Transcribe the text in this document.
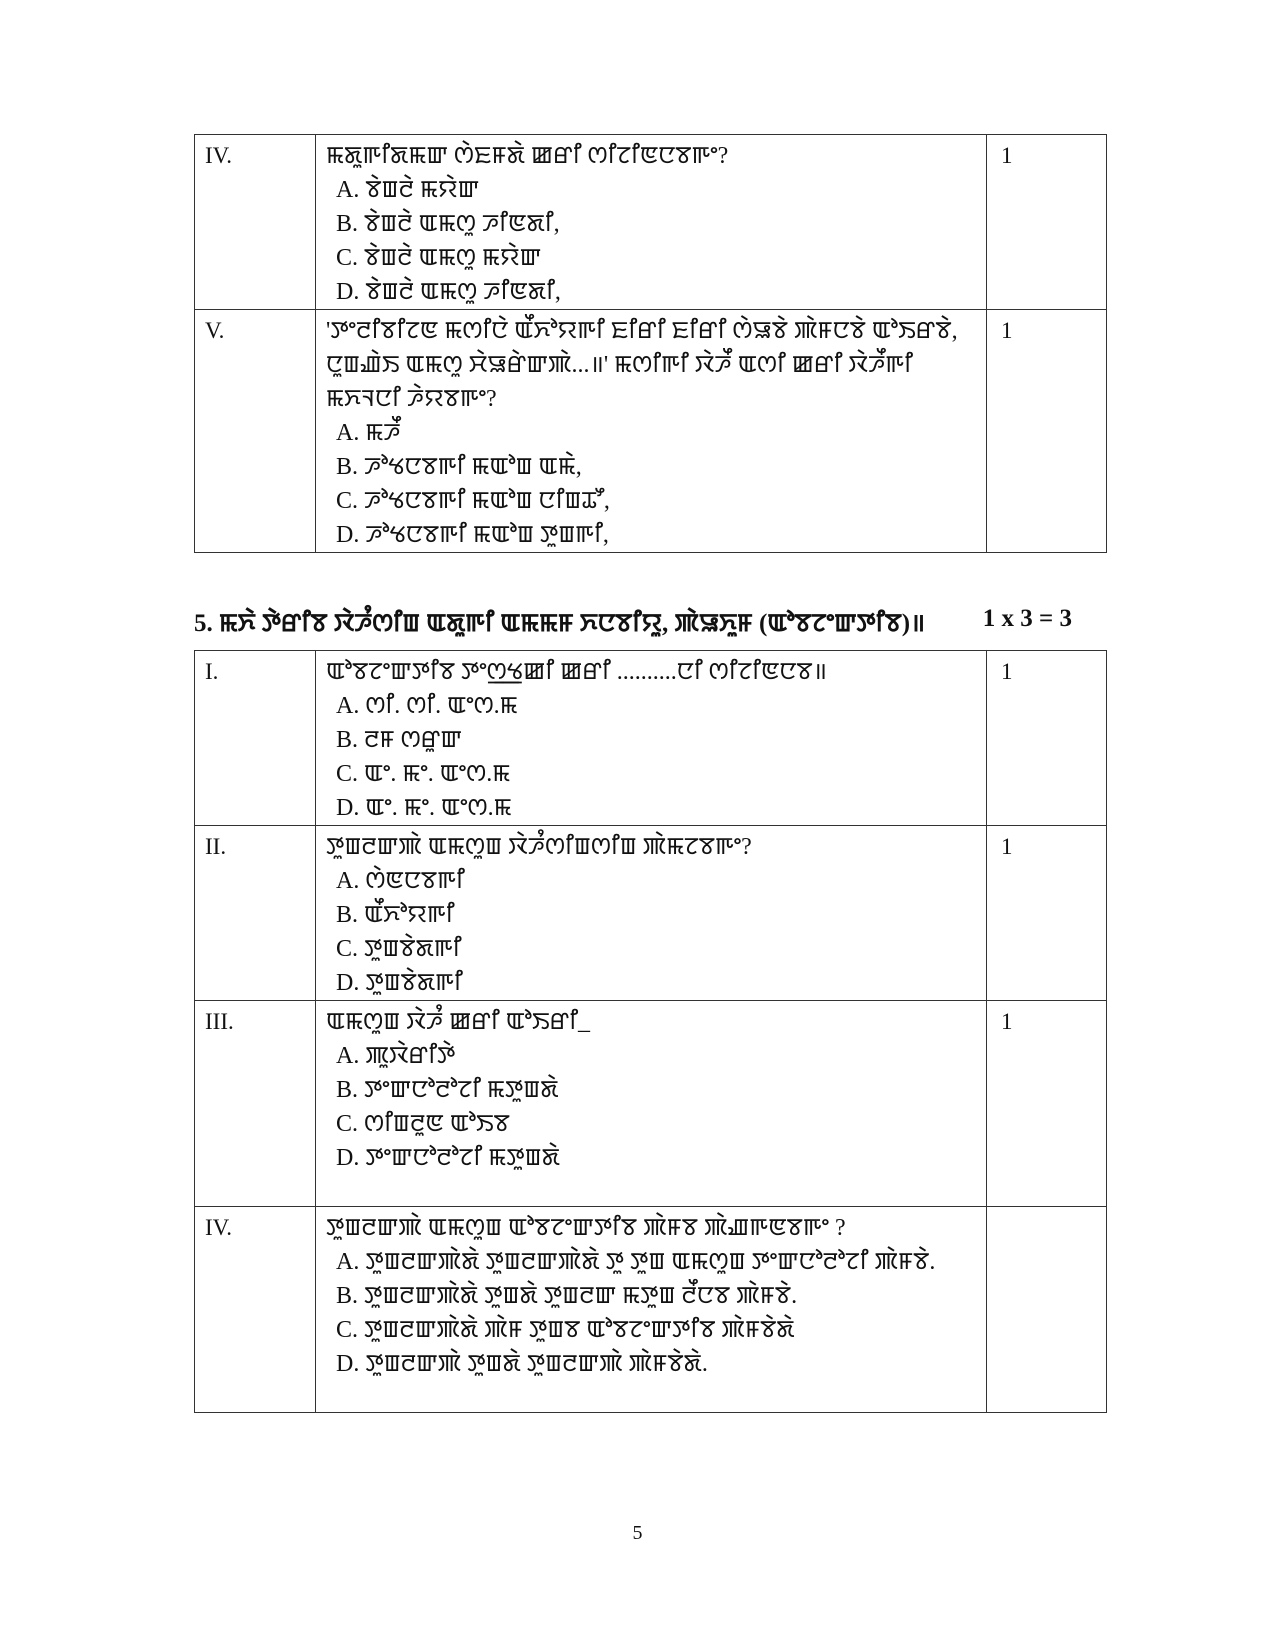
IV.	ꯃꯗꯨꯒꯤꯗꯃꯛ ꯁꯥꯐꯝꯗꯥ ꯀꯔꯤ ꯁꯤꯖꯤꯟꯅꯕꯒꯦ?
A. ꯕꯥꯡꯂꯥ ꯃꯌꯥꯛ
B. ꯕꯥꯡꯂꯥ ꯑꯃꯁꯨ ꯍꯤꯟꯗꯤ,
C. ꯕꯥꯡꯂꯥ ꯑꯃꯁꯨ ꯃꯌꯥꯛ
D. ꯕꯥꯡꯂꯥ ꯑꯃꯁꯨ ꯍꯤꯟꯗꯤ,	1
V.	'ꯇꯦꯂꯤꯕꯤꯖꯟ ꯃꯁꯤꯅꯥ ꯑꯩꯈꯣꯌꯒꯤ ꯐꯤꯔꯤ ꯐꯤꯔꯤ ꯁꯥꯎꯕꯥ ꯄꯥꯝꯅꯕꯥ ꯑꯣꯏꯔꯕꯥ, ꯅꯨꯡꯉꯥꯏ ꯑꯃꯁꯨ ꯆꯥꯎꯔꯥꯛꯄꯥ...॥' ꯃꯁꯤꯒꯤ ꯋꯥꯍꯩ ꯑꯁꯤ ꯀꯔꯤ ꯋꯥꯍꯩꯒꯤ ꯃꯈꯜꯅꯤ ꯍꯥꯌꯕꯒꯦ?
A. ꯃꯍꯩ
B. ꯍꯣꯠꯅꯕꯒꯤ ꯃꯑꯣꯡ ꯑꯃꯥ,
C. ꯍꯣꯠꯅꯕꯒꯤ ꯃꯑꯣꯡ ꯅꯤꯡꯊꯧ,
D. ꯍꯣꯠꯅꯕꯒꯤ ꯃꯑꯣꯡ ꯇꯨꯡꯒꯤ,	1
5. ꯃꯈꯥ ꯇꯥꯔꯤꯕ ꯋꯥꯍꯪꯁꯤꯡ ꯑꯗꯨꯒꯤ ꯑꯃꯃꯝ ꯈꯅꯕꯤꯌꯨ, ꯄꯥꯎꯈꯨꯝ (ꯑꯣꯕꯖꯦꯛꯇꯤꯕ)॥ 1 x 3 = 3
I.	ꯑꯣꯕꯖꯦꯛꯇꯤꯕ ꯇꯦꯁ꯭ꯠꯀꯤ ꯀꯔꯤ ..........ꯅꯤ ꯁꯤꯖꯤꯟꯅꯕ॥
A. ꯁꯤ. ꯁꯤ. ꯑꯦꯁ.ꯃ
B. ꯂꯝ ꯁꯔꯨꯛ
C. ꯑꯦ. ꯃꯦ. ꯑꯦꯁ.ꯃ
D. ꯑꯦ. ꯃꯦ. ꯑꯦꯁ.ꯃ	1
II.	ꯇꯨꯡꯂꯛꯄꯥ ꯑꯃꯁꯨꯡ ꯋꯥꯍꯪꯁꯤꯡꯁꯤꯡ ꯄꯥꯃꯖꯕꯒꯦ?
A. ꯁꯥꯟꯅꯕꯒꯤ
B. ꯑꯩꯈꯣꯌꯒꯤ
C. ꯇꯨꯡꯕꯥꯗꯒꯤ
D. ꯇꯨꯡꯕꯥꯗꯒꯤ	1
III.	ꯑꯃꯁꯨꯡ ꯋꯥꯍꯪ ꯀꯔꯤ ꯑꯣꯏꯔꯤ_
A. ꯄꯨꯋꯥꯔꯤꯇꯥ
B. ꯇꯦꯛꯅꯣꯂꯣꯖꯤ ꯃꯇꯨꯡꯗꯥ
C. ꯁꯤꯡꯂꯨꯟ ꯑꯣꯏꯕ
D. ꯇꯦꯛꯅꯣꯂꯣꯖꯤ ꯃꯇꯨꯡꯗꯥ	1
IV.	ꯇꯨꯡꯂꯛꯄꯥ ꯑꯃꯁꯨꯡ ꯑꯣꯕꯖꯦꯛꯇꯤꯕ ꯄꯥꯝꯕ ꯄꯥꯉꯒꯟꯕꯒꯦ ?
A. ꯇꯨꯡꯂꯛꯄꯥꯗꯥ ꯇꯨꯡꯂꯛꯄꯥꯗꯥ ꯇꯨ ꯇꯨꯡ ꯑꯃꯁꯨꯡ ꯇꯦꯛꯅꯣꯂꯣꯖꯤ ꯄꯥꯝꯕꯥ.
B. ꯇꯨꯡꯂꯛꯄꯥꯗꯥ ꯇꯨꯡꯗꯥ ꯇꯨꯡꯂꯛ ꯃꯇꯨꯡ ꯂꯩꯅꯕ ꯄꯥꯝꯕꯥ.
C. ꯇꯨꯡꯂꯛꯄꯥꯗꯥ ꯄꯥꯝ ꯇꯨꯡꯕ ꯑꯣꯕꯖꯦꯛꯇꯤꯕ ꯄꯥꯝꯕꯥꯗꯥ
D. ꯇꯨꯡꯂꯛꯄꯥ ꯇꯨꯡꯗꯥ ꯇꯨꯡꯂꯛꯄꯥ ꯄꯥꯝꯕꯥꯗꯥ.	

5
